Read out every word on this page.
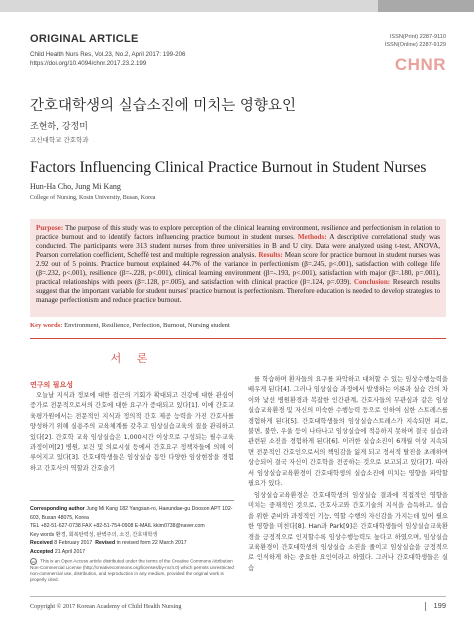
ORIGINAL ARTICLE
Child Health Nurs Res, Vol.23, No.2, April 2017: 199-206
https://doi.org/10.4094/chnr.2017.23.2.199
ISSN(Print) 2287-9110
ISSN(Online) 2287-9129
CHNR
간호대학생의 실습소진에 미치는 영향요인
조현하, 강정미
고신대학교 간호학과
Factors Influencing Clinical Practice Burnout in Student Nurses
Hun-Ha Cho, Jung Mi Kang
College of Nursing, Kosin University, Busan, Korea
Purpose: The purpose of this study was to explore perception of the clinical learning environment, resilience and perfectionism in relation to practice burnout and to identify factors influencing practice burnout in student nurses. Methods: A descriptive correlational study was conducted. The participants were 313 student nurses from three universities in B and U city. Data were analyzed using t-test, ANOVA, Pearson correlation coefficient, Scheffé test and multiple regression analysis. Results: Mean score for practice burnout in student nurses was 2.92 out of 5 points. Practice burnout explained 44.7% of the variance in perfectionism (β=.245, p<.001), satisfaction with college life (β=.232, p<.001), resilience (β=-.228, p<.001), clinical learning environment (β=-.193, p<.001), satisfaction with major (β=.180, p=.001), practical relationships with peers (β=.128, p=.005), and satisfaction with clinical practice (β=.124, p=.039). Conclusion: Research results suggest that the important variable for student nurses' practice burnout is perfectionism. Therefore education is needed to develop strategies to manage perfectionism and reduce practice burnout.
Key words: Environment, Resilience, Perfection, Burnout, Nursing student
서 론
연구의 필요성

오늘날 지식과 정보에 대한 접근의 기회가 확대되고 건강에 대한 관심이 증가로 전문적으로서의 간호에 대한 요구가 증대되고 있다[1]. 이에 간호교육평가원에서는 전문적인 지식과 정의적 간호 제공 능력을 가진 간호사를 양성하기 위해 실용주의 교육체계를 갖추고 임상실습교육의 질을 관리하고 있다[2]. 간호학 교육 임상실습은 1,000시간 이상으로 구성되는 필수교육 과정이며[2] 병원, 보건 및 의료시설 등에서 간호요구 정책자들에 의해 이루어지고 있다[3]. 간호대학생들은 임상실습 동안 다양한 임상현장을 경험하고 간호사의 역할과 간호술기

를 학습하며 환자들의 요구를 파악하고 대처할 수 있는 임상수행능력을 배우게 된다[4]. 그러나 임상실습 과정에서 발생하는 이론과 실습 간의 차이와 낯선 병원환경과 복잡한 인간관계, 간호사들의 무관심과 같은 임상실습교육환경 및 자신의 미숙한 수행능력 등으로 인하여 심한 스트레스를 경험하게 된다[5]. 간호대학생들의 임상실습스트레스가 지속되면 피로, 불면, 불안, 우울 등이 나타나고 임상실습에 적응하지 못하며 결국 실습과 관련된 소진을 경험하게 된다[6]. 이러한 실습소진이 6개월 이상 지속되면 전문적인 간호인으로서의 책임감을 잃게 되고 정서적 탈진을 초래하며 상승되어 결국 자신이 간호학을 전공하는 것으로 보고되고 있다[7]. 따라서 임상실습교육환경이 간호대학생의 실습소진에 미치는 영향을 파악할 필요가 있다.

임상실습교육환경은 간호대학생의 임상실습 결과에 직접적인 영향을 미치는 중재적인 것으로, 간호사고와 간호기술의 지식을 습득하고, 실습을 위한 준비와 과정적인 기능, 역할 수행의 자신감을 가지는데 있어 필요한 영향을 미친다[8]. Han과 Park[9]은 간호대학생들이 임상실습교육환경을 긍정적으로 인지할수록 임상수행능력도 높다고 하였으며, 임상실습교육환경이 간호대학생의 임상실습 소진을 줄이고 임상실습을 긍정적으로 인식하게 하는 중요한 요인이라고 하였다. 그러나 간호대학생들은 실습

Corresponding author Jung Mi Kang 182 Yangsan-ro, Haeundae-gu Dooson APT 102-603, Busan 48075, Korea
TEL +82-51-627-0738 FAX +82-51-754-0908 E-MAIL kkim0738@naver.com
Key words 환경, 회복탄력성, 완벽주의, 소진, 간호대학생
Received 8 February 2017 Revised in revised form 22 March 2017
Accepted 21 April 2017
cc This is an Open Access article distributed under the terms of the Creative Commons Attribution Non-Commercial License (http://creativecommons.org/licenses/by-nc/4.0) which permits unrestricted non-commercial use, distribution, and reproduction in any medium, provided the original work is properly cited.
Copyright © 2017 Korean Academy of Child Health Nursing	199
